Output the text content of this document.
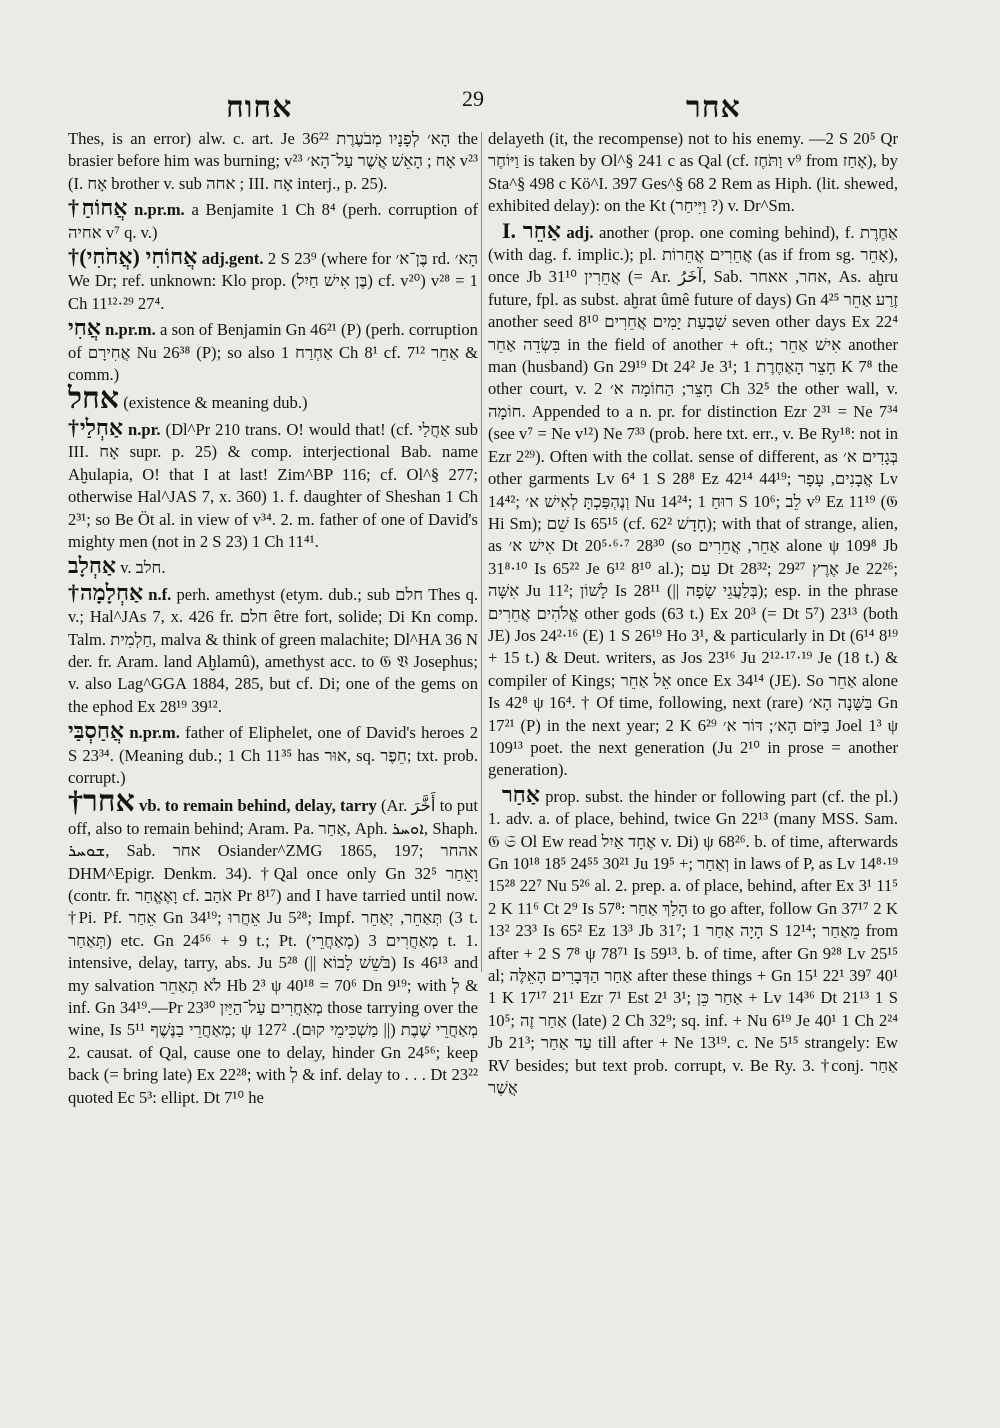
אחוח	29	אחר

Thes, is an error) alw. c. art. Je 36²² הָא׳ לְפָנָיו מְבֹעֶרֶת the brasier before him was burning; v²³ אָח ; הָאֵשׁ אֲשֶׁר עַל־הָא׳ v²³ (I. אָח brother v. sub אחה ; III. אָח interj., p. 25).

†אֲחוֹחַ n.pr.m. a Benjamite 1 Ch 8⁴ (perh. corruption of אחיה v⁷ q. v.)

†אֲחוֹחִי (אֲחֹחִי) adj.gent. 2 S 23⁹ (where for בֶּן־א׳ rd. הָא׳ We Dr; ref. unknown: Klo prop. (בֶּן אִישׁ חַיִל) cf. v²⁰) v²⁸ = 1 Ch 11¹²·²⁹ 27⁴.

אֲחִי n.pr.m. a son of Benjamin Gn 46²¹ (P) (perh. corruption of אֲחִירָם Nu 26³⁸ (P); so also אַחְרַח 1 Ch 8¹ cf. אַחֵר 7¹² & comm.)

אחל (existence & meaning dub.)

†אַחְלַי n.pr. (Dl^Pr 210 trans. O! would that! (cf. אַחֲלַי sub III. אָח supr. p. 25) & comp. interjectional Bab. name Aḫulapia, O! that I at last! Zim^BP 116; cf. Ol^§ 277; otherwise Hal^JAS 7, x. 360) 1. f. daughter of Sheshan 1 Ch 2³¹; so Be Öt al. in view of v³⁴. 2. m. father of one of David's mighty men (not in 2 S 23) 1 Ch 11⁴¹.

אַחְלָב v. חלב.

†אַחְלָמָה n.f. perh. amethyst (etym. dub.; sub חלם Thes q. v.; Hal^JAs 7, x. 426 fr. חלם être fort, solide; Di Kn comp. Talm. חַלְמִית, malva & think of green malachite; Dl^HA 36 N der. fr. Aram. land Aḫlamû), amethyst acc. to 𝔊 𝔙 Josephus; v. also Lag^GGA 1884, 285, but cf. Di; one of the gems on the ephod Ex 28¹⁹ 39¹².

אֲחַסְבַּי n.pr.m. father of Eliphelet, one of David's heroes 2 S 23³⁴. (Meaning dub.; 1 Ch 11³⁵ has אוּר, sq. חֵפֶר; txt. prob. corrupt.)

†אחר vb. to remain behind, delay, tarry (Ar. أَخَّرَ to put off, also to remain behind; Aram. Pa. אַחַר, Aph. ܐܘܚܪ, Shaph. ܫܘܚܪ, Sab. אחר Osiander^ZMG 1865, 197; אהחר DHM^Epigr. Denkm. 34). †Qal once only Gn 32⁵ וָאֵחַר (contr. fr. וָאֶאֱחַר cf. אֹהַב Pr 8¹⁷) and I have tarried until now. †Pi. Pf. אֵחַר Gn 34¹⁹; אֵחֲרוּ Ju 5²⁸; Impf. תְּאַחֵר, יְאַחֵר (3 t. תְּאַחַר) etc. Gn 24⁵⁶ + 9 t.; Pt. (מְאַחֲרֵי) מְאַחֲרִים 3 t. 1. intensive, delay, tarry, abs. Ju 5²⁸ (|| בֹּשֵׁשׁ לָבוֹא) Is 46¹³ and my salvation לֹא תְאַחֵר Hb 2³ ψ 40¹⁸ = 70⁶ Dn 9¹⁹; with לְ & inf. Gn 34¹⁹.—Pr 23³⁰ מְאַחֲרִים עַל־הַיַּיִן those tarrying over the wine, Is 5¹¹ מְאַחֲרֵי בַנֶּשֶׁף; ψ 127² מְאַחֲרֵי שֶׁבֶת (|| מַשְׁכִּימֵי קוּם). 2. causat. of Qal, cause one to delay, hinder Gn 24⁵⁶; keep back (= bring late) Ex 22²⁸; with לְ & inf. delay to . . . Dt 23²² quoted Ec 5³: ellipt. Dt 7¹⁰ he

delayeth (it, the recompense) not to his enemy. —2 S 20⁵ Qr וַיּוֹחֶר is taken by Ol^§ 241 c as Qal (cf. וַתֹּחֶז v⁹ from אָחַז), by Sta^§ 498 c Kö^I. 397 Ges^§ 68 2 Rem as Hiph. (lit. shewed, exhibited delay): on the Kt (וַיִּיחַר ?) v. Dr^Sm.

I. אַחֵר adj. another (prop. one coming behind), f. אַחֶרֶת (with dag. f. implic.); pl. אֲחֵרִים אֲחֵרוֹת (as if from sg. אָחֵר), once Jb 31¹⁰ אֲחֵרִין (= Ar. آخَرُ, Sab. אחר, אאחר, As. aḫru future, fpl. as subst. aḫrat ûmê future of days) Gn 4²⁵ זֶרַע אַחֵר another seed 8¹⁰ שִׁבְעַת יָמִים אֲחֵרִים seven other days Ex 22⁴ בִּשְׂדֵה אַחֵר in the field of another + oft.; אִישׁ אַחֵר another man (husband) Gn 29¹⁹ Dt 24² Je 3¹; חָצֵר הָאַחֶרֶת 1 K 7⁸ the other court, v. חָצֵר; הַחוֹמָה א׳ 2 Ch 32⁵ the other wall, v. חוֹמָה. Appended to a n. pr. for distinction Ezr 2³¹ = Ne 7³⁴ (see v⁷ = Ne v¹²) Ne 7³³ (prob. here txt. err., v. Be Ry¹⁸: not in Ezr 2²⁹). Often with the collat. sense of different, as בְּגָדִים א׳ other garments Lv 6⁴ 1 S 28⁸ Ez 42¹⁴ 44¹⁹; אֲבָנִים, עָפָר Lv 14⁴²; וְנֶהְפַּכְתָּ לְאִישׁ א׳ Nu 14²⁴; רוּחַ 1 S 10⁶; לֵב v⁹ Ez 11¹⁹ (𝔊 Hi Sm); שֵׁם Is 65¹⁵ (cf. 62² חָדָשׁ); with that of strange, alien, as אִישׁ א׳ Dt 20⁵·⁶·⁷ 28³⁰ (so אַחֵר, אֲחֵרִים alone ψ 109⁸ Jb 31⁸·¹⁰ Is 65²² Je 6¹² 8¹⁰ al.); עַם Dt 28³²; אֶרֶץ 29²⁷ Je 22²⁶; אִשָּׁה Ju 11²; לָשׁוֹן Is 28¹¹ (|| בְּלַעֲגֵי שָׂפָה); esp. in the phrase אֱלֹהִים אֲחֵרִים other gods (63 t.) Ex 20³ (= Dt 5⁷) 23¹³ (both JE) Jos 24²·¹⁶ (E) 1 S 26¹⁹ Ho 3¹, & particularly in Dt (6¹⁴ 8¹⁹ + 15 t.) & Deut. writers, as Jos 23¹⁶ Ju 2¹²·¹⁷·¹⁹ Je (18 t.) & compiler of Kings; אֵל אַחֵר once Ex 34¹⁴ (JE). So אַחֵר alone Is 42⁸ ψ 16⁴. † Of time, following, next (rare) בַּשָּׁנָה הָא׳ Gn 17²¹ (P) in the next year; 2 K 6²⁹ בַּיּוֹם הָא׳; דּוֹר א׳ Joel 1³ ψ 109¹³ poet. the next generation (Ju 2¹⁰ in prose = another generation).

אַחַר prop. subst. the hinder or following part (cf. the pl.) 1. adv. a. of place, behind, twice Gn 22¹³ (many MSS. Sam. 𝔊 𝔖 Ol Ew read אֶחָד אַיִל v. Di) ψ 68²⁶. b. of time, afterwards Gn 10¹⁸ 18⁵ 24⁵⁵ 30²¹ Ju 19⁵ +; וְאַחַר in laws of P, as Lv 14⁸·¹⁹ 15²⁸ 22⁷ Nu 5²⁶ al. 2. prep. a. of place, behind, after Ex 3¹ 11⁵ 2 K 11⁶ Ct 2⁹ Is 57⁸: הָלַךְ אַחַר to go after, follow Gn 37¹⁷ 2 K 13² 23³ Is 65² Ez 13³ Jb 31⁷; הָיָה אַחַר 1 S 12¹⁴; מֵאַחַר from after + 2 S 7⁸ ψ 78⁷¹ Is 59¹³. b. of time, after Gn 9²⁸ Lv 25¹⁵ al; אַחַר הַדְּבָרִים הָאֵלֶּה after these things + Gn 15¹ 22¹ 39⁷ 40¹ 1 K 17¹⁷ 21¹ Ezr 7¹ Est 2¹ 3¹; אַחַר כֵּן + Lv 14³⁶ Dt 21¹³ 1 S 10⁵; אַחַר זֶה (late) 2 Ch 32⁹; sq. inf. + Nu 6¹⁹ Je 40¹ 1 Ch 2²⁴ Jb 21³; עַד אַחַר till after + Ne 13¹⁹. c. Ne 5¹⁵ strangely: Ew RV besides; but text prob. corrupt, v. Be Ry. 3. †conj. אַחַר אֲשֶׁר
